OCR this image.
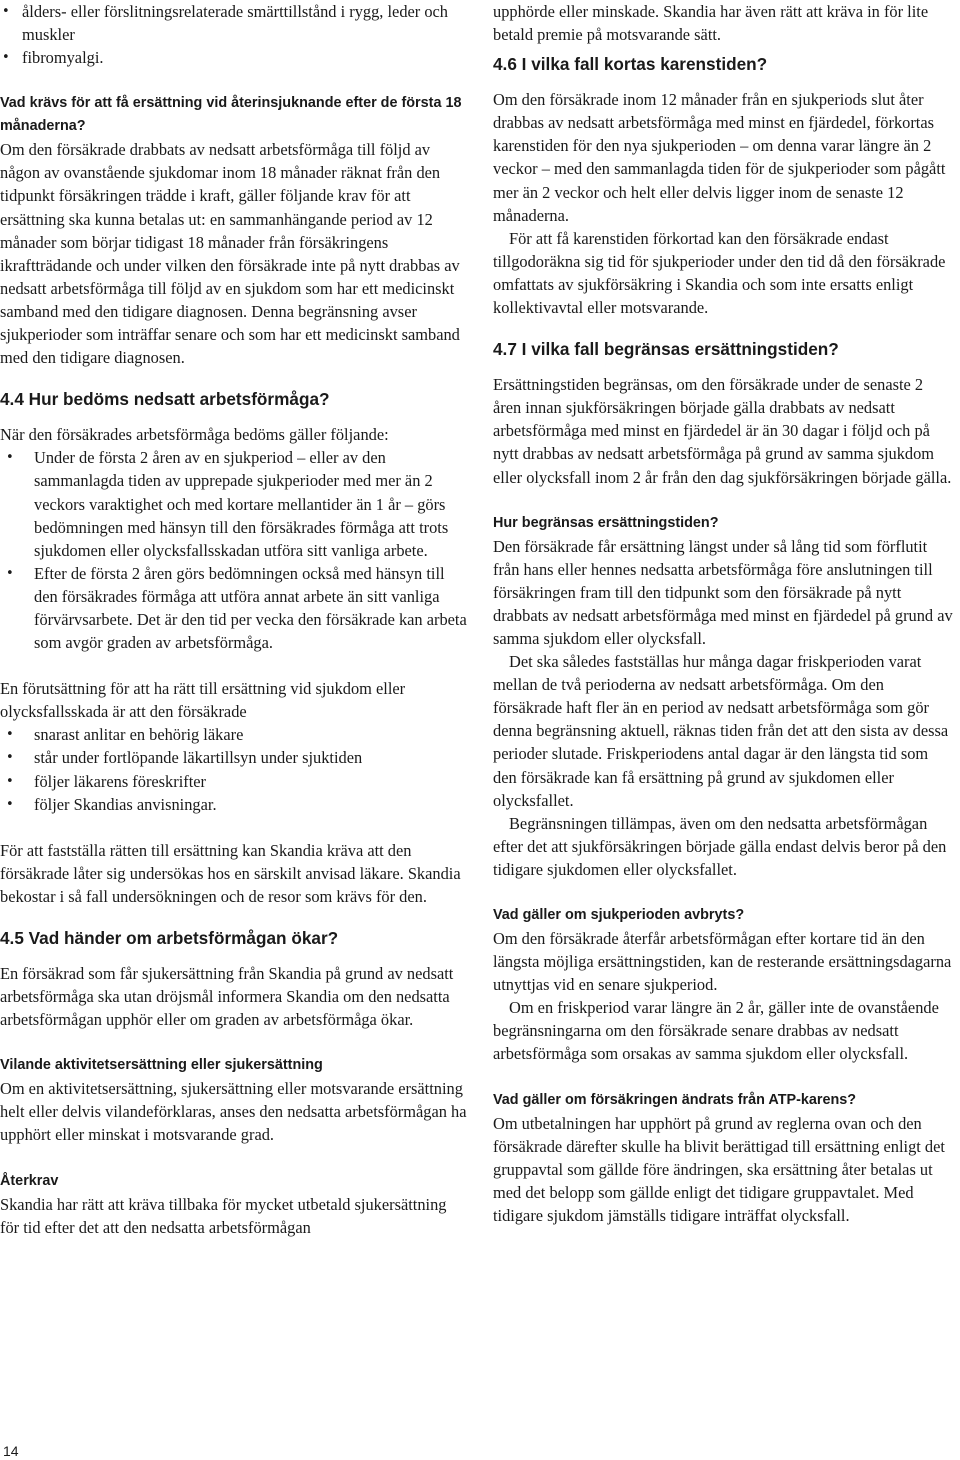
• ålders- eller förslitningsrelaterade smärttillstånd i rygg, leder och muskler
• fibromyalgi.
Vad krävs för att få ersättning vid återinsjuknande efter de första 18 månaderna?

Om den försäkrade drabbats av nedsatt arbetsförmåga till följd av någon av ovanstående sjukdomar inom 18 månader räknat från den tidpunkt försäkringen trädde i kraft, gäller följande krav för att ersättning ska kunna betalas ut: en sammanhängande period av 12 månader som börjar tidigast 18 månader från försäkringens ikraftträdande och under vilken den försäkrade inte på nytt drabbas av nedsatt arbetsförmåga till följd av en sjukdom som har ett medicinskt samband med den tidigare diagnosen. Denna begränsning avser sjukperioder som inträffar senare och som har ett medicinskt samband med den tidigare diagnosen.

4.4 Hur bedöms nedsatt arbetsförmåga?

När den försäkrades arbetsförmåga bedöms gäller följande:

• Under de första 2 åren av en sjukperiod – eller av den sammanlagda tiden av upprepade sjukperioder med mer än 2 veckors varaktighet och med kortare mellantider än 1 år – görs bedömningen med hänsyn till den försäkrades förmåga att trots sjukdomen eller olycksfallsskadan utföra sitt vanliga arbete.
• Efter de första 2 åren görs bedömningen också med hänsyn till den försäkrades förmåga att utföra annat arbete än sitt vanliga förvärvsarbete. Det är den tid per vecka den försäkrade kan arbeta som avgör graden av arbetsförmåga.

En förutsättning för att ha rätt till ersättning vid sjukdom eller olycksfallsskada är att den försäkrade

• snarast anlitar en behörig läkare
• står under fortlöpande läkartillsyn under sjuktiden
• följer läkarens föreskrifter
• följer Skandias anvisningar.

För att fastställa rätten till ersättning kan Skandia kräva att den försäkrade låter sig undersökas hos en särskilt anvisad läkare. Skandia bekostar i så fall undersökningen och de resor som krävs för den.

4.5 Vad händer om arbetsförmågan ökar?

En försäkrad som får sjukersättning från Skandia på grund av nedsatt arbetsförmåga ska utan dröjsmål informera Skandia om den nedsatta arbetsförmågan upphör eller om graden av arbetsförmåga ökar.

Vilande aktivitetsersättning eller sjukersättning

Om en aktivitetsersättning, sjukersättning eller motsvarande ersättning helt eller delvis vilandeförklaras, anses den nedsatta arbetsförmågan ha upphört eller minskat i motsvarande grad.

Återkrav

Skandia har rätt att kräva tillbaka för mycket utbetald sjukersättning för tid efter det att den nedsatta arbetsförmågan

upphörde eller minskade. Skandia har även rätt att kräva in för lite betald premie på motsvarande sätt.

4.6 I vilka fall kortas karenstiden?

Om den försäkrade inom 12 månader från en sjukperiods slut åter drabbas av nedsatt arbetsförmåga med minst en fjärdedel, förkortas karenstiden för den nya sjukperioden – om denna varar längre än 2 veckor – med den sammanlagda tiden för de sjukperioder som pågått mer än 2 veckor och helt eller delvis ligger inom de senaste 12 månaderna.

För att få karenstiden förkortad kan den försäkrade endast tillgodoräkna sig tid för sjukperioder under den tid då den försäkrade omfattats av sjukförsäkring i Skandia och som inte ersatts enligt kollektivavtal eller motsvarande.

4.7 I vilka fall begränsas ersättningstiden?

Ersättningstiden begränsas, om den försäkrade under de senaste 2 åren innan sjukförsäkringen började gälla drabbats av nedsatt arbetsförmåga med minst en fjärdedel är än 30 dagar i följd och på nytt drabbas av nedsatt arbetsförmåga på grund av samma sjukdom eller olycksfall inom 2 år från den dag sjukförsäkringen började gälla.

Hur begränsas ersättningstiden?

Den försäkrade får ersättning längst under så lång tid som förflutit från hans eller hennes nedsatta arbetsförmåga före anslutningen till försäkringen fram till den tidpunkt som den försäkrade på nytt drabbats av nedsatt arbetsförmåga med minst en fjärdedel på grund av samma sjukdom eller olycksfall.

Det ska således fastställas hur många dagar friskperioden varat mellan de två perioderna av nedsatt arbetsförmåga. Om den försäkrade haft fler än en period av nedsatt arbetsförmåga som gör denna begränsning aktuell, räknas tiden från det att den sista av dessa perioder slutade. Friskperiodens antal dagar är den längsta tid som den försäkrade kan få ersättning på grund av sjukdomen eller olycksfallet.

Begränsningen tillämpas, även om den nedsatta arbetsförmågan efter det att sjukförsäkringen började gälla endast delvis beror på den tidigare sjukdomen eller olycksfallet.

Vad gäller om sjukperioden avbryts?

Om den försäkrade återfår arbetsförmågan efter kortare tid än den längsta möjliga ersättningstiden, kan de resterande ersättningsdagarna utnyttjas vid en senare sjukperiod.

Om en friskperiod varar längre än 2 år, gäller inte de ovanstående begränsningarna om den försäkrade senare drabbas av nedsatt arbetsförmåga som orsakas av samma sjukdom eller olycksfall.

Vad gäller om försäkringen ändrats från ATP-karens?

Om utbetalningen har upphört på grund av reglerna ovan och den försäkrade därefter skulle ha blivit berättigad till ersättning enligt det gruppavtal som gällde före ändringen, ska ersättning åter betalas ut med det belopp som gällde enligt det tidigare gruppavtalet. Med tidigare sjukdom jämställs tidigare inträffat olycksfall.

14
